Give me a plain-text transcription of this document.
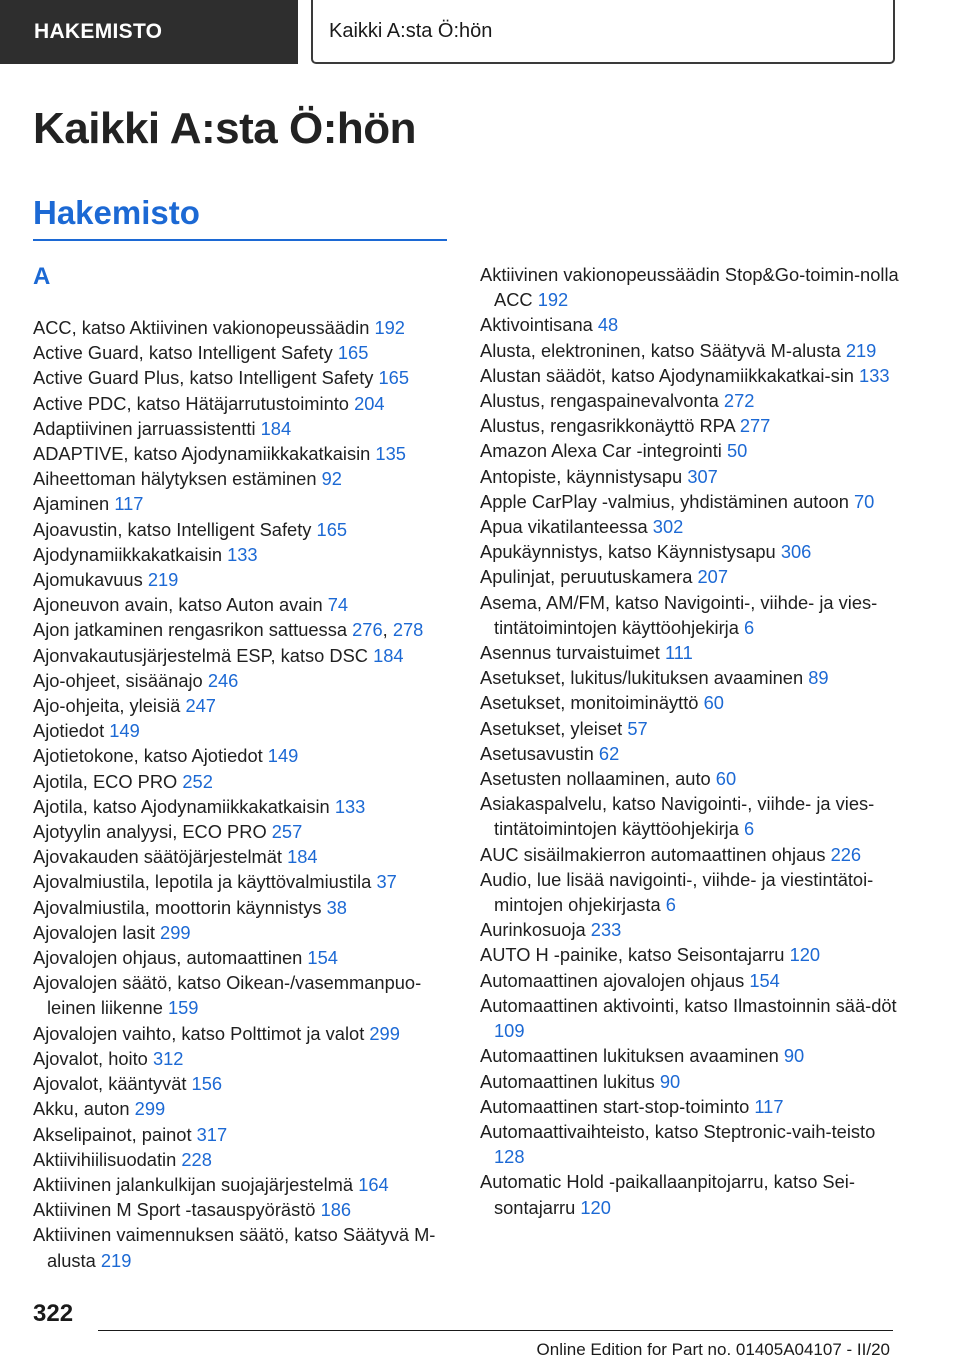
HAKEMISTO	Kaikki A:sta Ö:hön
Kaikki A:sta Ö:hön
Hakemisto
A
ACC, katso Aktiivinen vakionopeussäädin 192
Active Guard, katso Intelligent Safety 165
Active Guard Plus, katso Intelligent Safety 165
Active PDC, katso Hätäjarrutustoiminto 204
Adaptiivinen jarruassistentti 184
ADAPTIVE, katso Ajodynamiikkakatkaisin 135
Aiheettoman hälytyksen estäminen 92
Ajaminen 117
Ajoavustin, katso Intelligent Safety 165
Ajodynamiikkakatkaisin 133
Ajomukavuus 219
Ajoneuvon avain, katso Auton avain 74
Ajon jatkaminen rengasrikon sattuessa 276, 278
Ajonvakautusjärjestelmä ESP, katso DSC 184
Ajo-ohjeet, sisäänajo 246
Ajo-ohjeita, yleisiä 247
Ajotiedot 149
Ajotietokone, katso Ajotiedot 149
Ajotila, ECO PRO 252
Ajotila, katso Ajodynamiikkakatkaisin 133
Ajotyylin analyysi, ECO PRO 257
Ajovakauden säätöjärjestelmät 184
Ajovalmiustila, lepotila ja käyttövalmiustila 37
Ajovalmiustila, moottorin käynnistys 38
Ajovalojen lasit 299
Ajovalojen ohjaus, automaattinen 154
Ajovalojen säätö, katso Oikean-/vasemmanpuo-leinen liikenne 159
Ajovalojen vaihto, katso Polttimot ja valot 299
Ajovalot, hoito 312
Ajovalot, kääntyvät 156
Akku, auton 299
Akselipainot, painot 317
Aktiivihiilisuodatin 228
Aktiivinen jalankulkijan suojajärjestelmä 164
Aktiivinen M Sport -tasauspyörästö 186
Aktiivinen vaimennuksen säätö, katso Säätyvä M-alusta 219
Aktiivinen vakionopeussäädin Stop&Go-toimin-nolla ACC 192
Aktivointisana 48
Alusta, elektroninen, katso Säätyvä M-alusta 219
Alustan säädöt, katso Ajodynamiikkakatkai-sin 133
Alustus, rengaspainevalvonta 272
Alustus, rengasrikkonäyttö RPA 277
Amazon Alexa Car -integrointi 50
Antopiste, käynnistysapu 307
Apple CarPlay -valmius, yhdistäminen autoon 70
Apua vikatilanteessa 302
Apukäynnistys, katso Käynnistysapu 306
Apulinjat, peruutuskamera 207
Asema, AM/FM, katso Navigointi-, viihde- ja vies-tintätoimintojen käyttöohjekirja 6
Asennus turvaistuimet 111
Asetukset, lukitus/lukituksen avaaminen 89
Asetukset, monitoiminäyttö 60
Asetukset, yleiset 57
Asetusavustin 62
Asetusten nollaaminen, auto 60
Asiakaspalvelu, katso Navigointi-, viihde- ja vies-tintätoimintojen käyttöohjekirja 6
AUC sisäilmakierron automaattinen ohjaus 226
Audio, lue lisää navigointi-, viihde- ja viestintätoi-mintojen ohjekirjasta 6
Aurinkosuoja 233
AUTO H -painike, katso Seisontajarru 120
Automaattinen ajovalojen ohjaus 154
Automaattinen aktivointi, katso Ilmastoinnin sää-döt 109
Automaattinen lukituksen avaaminen 90
Automaattinen lukitus 90
Automaattinen start-stop-toiminto 117
Automaattivaihteisto, katso Steptronic-vaih-teisto 128
Automatic Hold -paikallaanpitojarru, katso Sei-sontajarru 120
322
Online Edition for Part no. 01405A04107 - II/20
